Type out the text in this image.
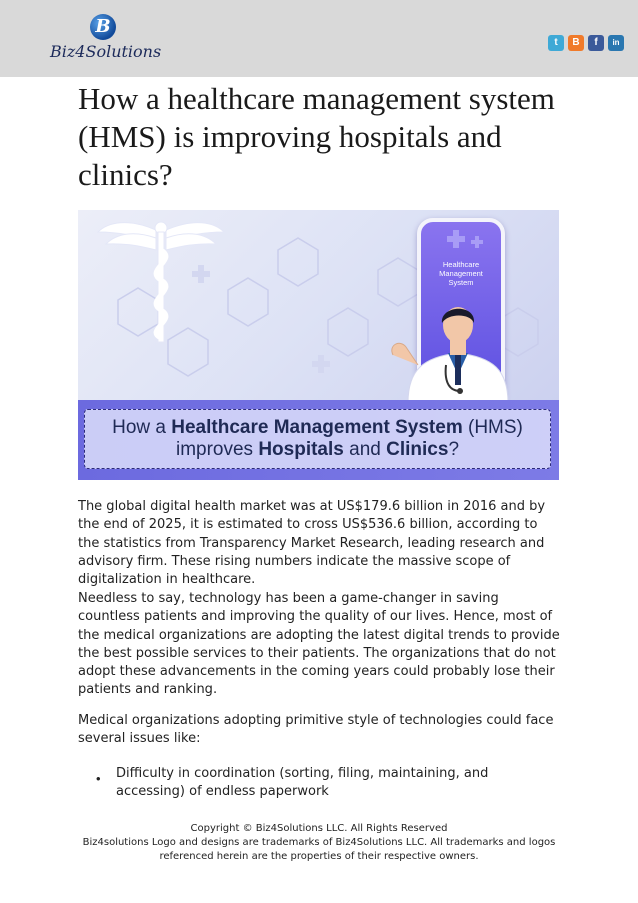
B
Biz4Solutions	t	B	f	in
How a healthcare management system (HMS) is improving hospitals and clinics?
Healthcare
Management
System
How a Healthcare Management System (HMS)
improves Hospitals and Clinics?

The global digital health market was at US$179.6 billion in 2016 and by the end of 2025, it is estimated to cross US$536.6 billion, according to the statistics from Transparency Market Research, leading research and advisory firm. These rising numbers indicate the massive scope of digitalization in healthcare.

Needless to say, technology has been a game-changer in saving countless patients and improving the quality of our lives. Hence, most of the medical organizations are adopting the latest digital trends to provide the best possible services to their patients. The organizations that do not adopt these advancements in the coming years could probably lose their patients and ranking.

Medical organizations adopting primitive style of technologies could face several issues like:

• Difficulty in coordination (sorting, filing, maintaining, and accessing) of endless paperwork

Copyright © Biz4Solutions LLC. All Rights Reserved
Biz4solutions Logo and designs are trademarks of Biz4Solutions LLC. All trademarks and logos
referenced herein are the properties of their respective owners.
